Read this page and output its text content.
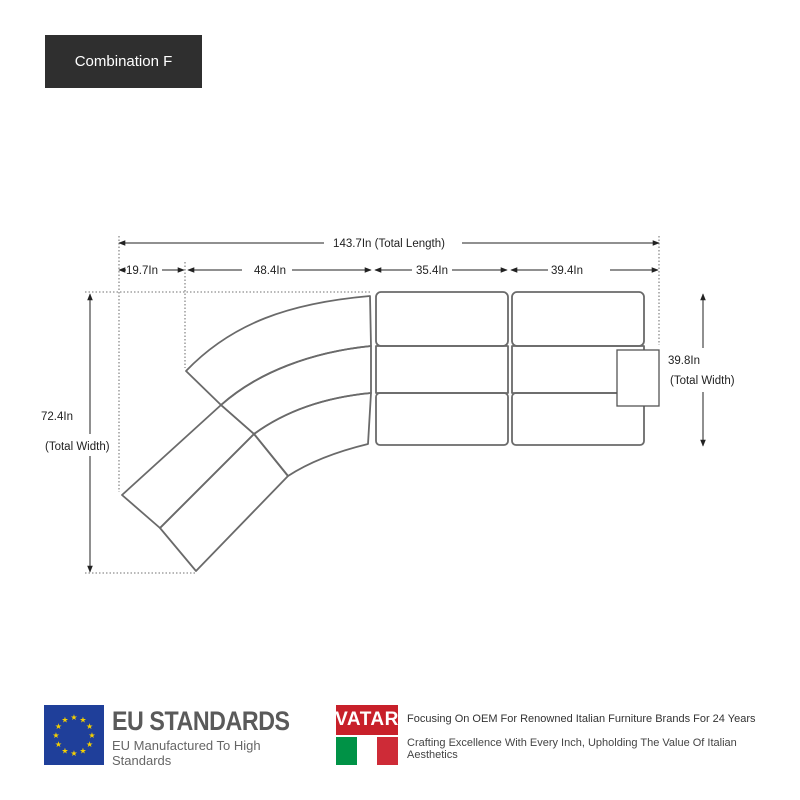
Combination F
143.7In (Total Length)
19.7In	48.4In	35.4In	39.4In
72.4In
(Total Width)
39.8In
(Total Width)
★
★
★
★
★
★
★
★
★ ★ ★
★ EU STANDARDS
EU Manufactured To High Standards
VATAR Focusing On OEM For Renowned Italian Furniture Brands For 24 Years
Crafting Excellence With Every Inch, Upholding The Value Of Italian Aesthetics
